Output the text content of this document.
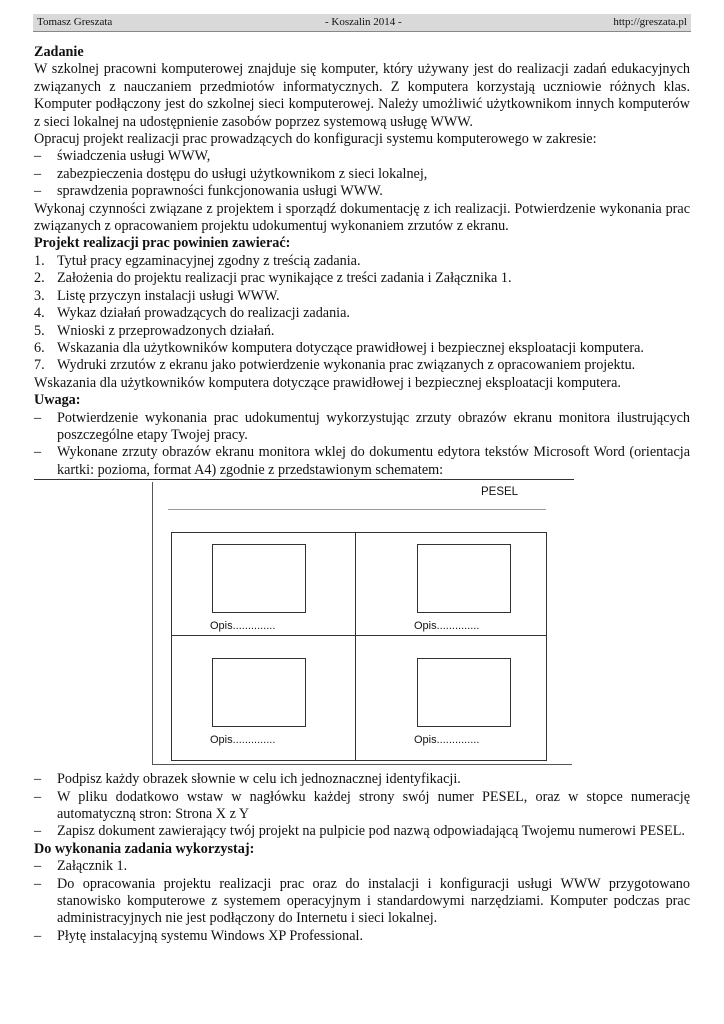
Tomasz Greszata	- Koszalin 2014 -	http://greszata.pl

Zadanie

W szkolnej pracowni komputerowej znajduje się komputer, który używany jest do realizacji zadań edukacyjnych związanych z nauczaniem przedmiotów informatycznych. Z komputera korzystają uczniowie różnych klas. Komputer podłączony jest do szkolnej sieci komputerowej. Należy umożliwić użytkownikom innych komputerów z sieci lokalnej na udostępnienie zasobów poprzez systemową usługę WWW.

Opracuj projekt realizacji prac prowadzących do konfiguracji systemu komputerowego w zakresie:

– świadczenia usługi WWW,
– zabezpieczenia dostępu do usługi użytkownikom z sieci lokalnej,
– sprawdzenia poprawności funkcjonowania usługi WWW.

Wykonaj czynności związane z projektem i sporządź dokumentację z ich realizacji. Potwierdzenie wykonania prac związanych z opracowaniem projektu udokumentuj wykonaniem zrzutów z ekranu.

Projekt realizacji prac powinien zawierać:

1. Tytuł pracy egzaminacyjnej zgodny z treścią zadania.
2. Założenia do projektu realizacji prac wynikające z treści zadania i Załącznika 1.
3. Listę przyczyn instalacji usługi WWW.
4. Wykaz działań prowadzących do realizacji zadania.
5. Wnioski z przeprowadzonych działań.
6. Wskazania dla użytkowników komputera dotyczące prawidłowej i bezpiecznej eksploatacji komputera.
7. Wydruki zrzutów z ekranu jako potwierdzenie wykonania prac związanych z opracowaniem projektu.

Wskazania dla użytkowników komputera dotyczące prawidłowej i bezpiecznej eksploatacji komputera.

Uwaga:

– Potwierdzenie wykonania prac udokumentuj wykorzystując zrzuty obrazów ekranu monitora ilustrujących poszczególne etapy Twojej pracy.
– Wykonane zrzuty obrazów ekranu monitora wklej do dokumentu edytora tekstów Microsoft Word (orientacja kartki: pozioma, format A4) zgodnie z przedstawionym schematem:
PESEL
Opis..............	Opis..............
Opis..............	Opis..............
– Podpisz każdy obrazek słownie w celu ich jednoznacznej identyfikacji.
– W pliku dodatkowo wstaw w nagłówku każdej strony swój numer PESEL, oraz w stopce numerację automatyczną stron: Strona X z Y
– Zapisz dokument zawierający twój projekt na pulpicie pod nazwą odpowiadającą Twojemu numerowi PESEL.

Do wykonania zadania wykorzystaj:

– Załącznik 1.
– Do opracowania projektu realizacji prac oraz do instalacji i konfiguracji usługi WWW przygotowano stanowisko komputerowe z systemem operacyjnym i standardowymi narzędziami. Komputer podczas prac administracyjnych nie jest podłączony do Internetu i sieci lokalnej.
– Płytę instalacyjną systemu Windows XP Professional.
